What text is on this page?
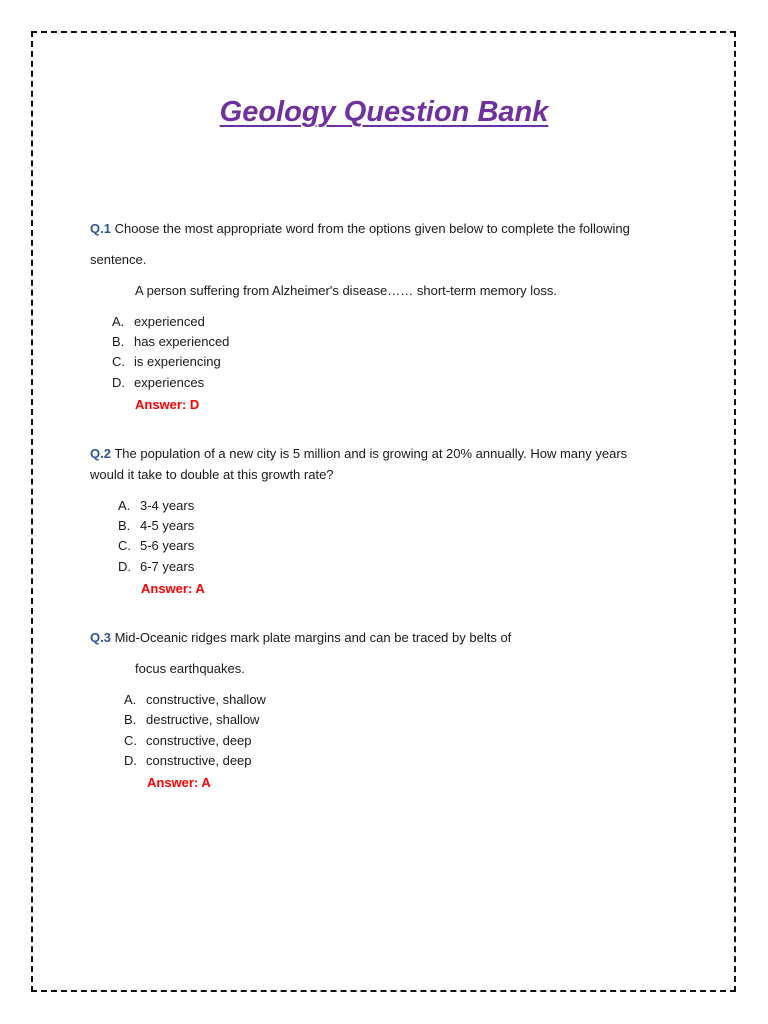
Geology Question Bank
Q.1 Choose the most appropriate word from the options given below to complete the following
sentence.
A person suffering from Alzheimer's disease…… short-term memory loss.
A. experienced
B. has experienced
C. is experiencing
D. experiences
Answer: D
Q.2 The population of a new city is 5 million and is growing at 20% annually. How many years
would it take to double at this growth rate?
A. 3-4 years
B. 4-5 years
C. 5-6 years
D. 6-7 years
Answer: A
Q.3 Mid-Oceanic ridges mark plate margins and can be traced by belts of
focus earthquakes.
A. constructive, shallow
B. destructive, shallow
C. constructive, deep
D. constructive, deep
Answer: A
